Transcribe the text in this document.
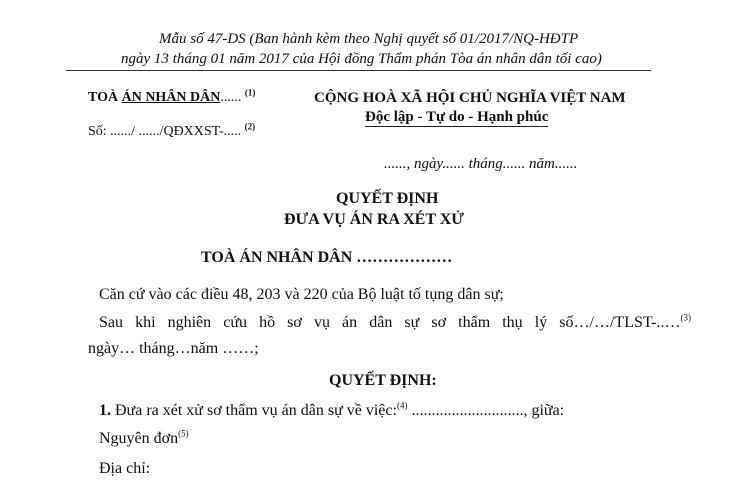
Mẫu số 47-DS (Ban hành kèm theo Nghị quyết số 01/2017/NQ-HĐTP
ngày 13 tháng 01 năm 2017 của Hội đồng Thẩm phán Tòa án nhân dân tối cao)
TOÀ ÁN NHÂN DÂN...... $^{(1)}$
Số: ....../ ....../QĐXXST-..... $^{(2)}$
CỘNG HOÀ XÃ HỘI CHỦ NGHĨA VIỆT NAM
Độc lập - Tự do - Hạnh phúc
......, ngày...... tháng...... năm......
QUYẾT ĐỊNH
ĐƯA VỤ ÁN RA XÉT XỬ
TOÀ ÁN NHÂN DÂN ………………
Căn cứ vào các điều 48, 203 và 220 của Bộ luật tố tụng dân sự;
Sau khi nghiên cứu hồ sơ vụ án dân sự sơ thẩm thụ lý số…/…/TLST-..…$^{(3)}$
ngày… tháng…năm ……;
QUYẾT ĐỊNH:
1. Đưa ra xét xử sơ thẩm vụ án dân sự về việc:$^{(4)}$ ............................, giữa:
Nguyên đơn$^{(5)}$
Địa chỉ:
